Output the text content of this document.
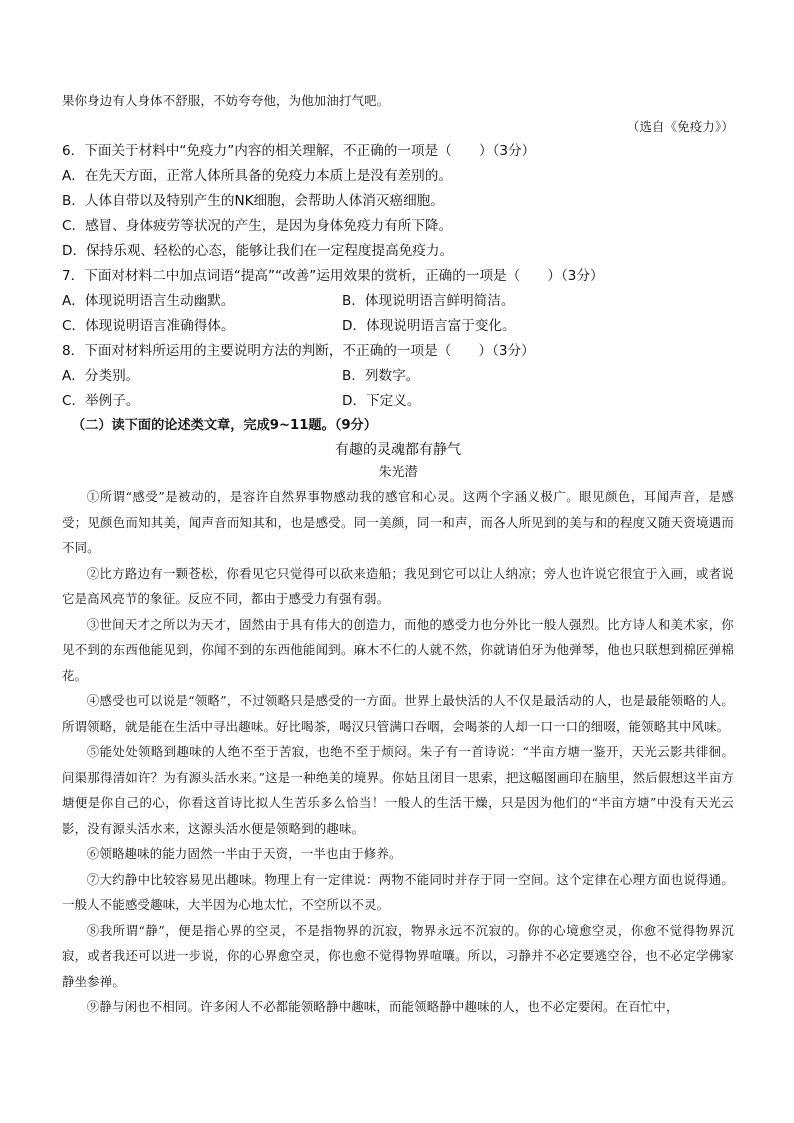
果你身边有人身体不舒服，不妨夸夸他，为他加油打气吧。
（选自《免疫力》）
6．下面关于材料中“免疫力”内容的相关理解，不正确的一项是（　　）（3分）
A．在先天方面，正常人体所具备的免疫力本质上是没有差别的。
B．人体自带以及特别产生的NK细胞，会帮助人体消灭癌细胞。
C．感冒、身体疲劳等状况的产生，是因为身体免疫力有所下降。
D．保持乐观、轻松的心态，能够让我们在一定程度提高免疫力。
7．下面对材料二中加点词语“提高”“改善”运用效果的赏析，正确的一项是（　　）（3分）
A．体现说明语言生动幽默。	B．体现说明语言鲜明简洁。
C．体现说明语言准确得体。	D．体现说明语言富于变化。
8．下面对材料所运用的主要说明方法的判断，不正确的一项是（　　）（3分）
A．分类别。	B．列数字。
C．举例子。	D．下定义。
（二）读下面的论述类文章，完成9~11题。（9分）
有趣的灵魂都有静气
朱光潜

①所谓“感受”是被动的，是容许自然界事物感动我的感官和心灵。这两个字涵义极广。眼见颜色，耳闻声音，是感受；见颜色而知其美，闻声音而知其和，也是感受。同一美颜，同一和声，而各人所见到的美与和的程度又随天资境遇而不同。

②比方路边有一颗苍松，你看见它只觉得可以砍来造船；我见到它可以让人纳凉；旁人也许说它很宜于入画，或者说它是高风亮节的象征。反应不同，都由于感受力有强有弱。

③世间天才之所以为天才，固然由于具有伟大的创造力，而他的感受力也分外比一般人强烈。比方诗人和美术家，你见不到的东西他能见到，你闻不到的东西他能闻到。麻木不仁的人就不然，你就请伯牙为他弹琴，他也只联想到棉匠弹棉花。

④感受也可以说是“领略”，不过领略只是感受的一方面。世界上最快活的人不仅是最活动的人，也是最能领略的人。所谓领略，就是能在生活中寻出趣味。好比喝茶，喝汉只管满口吞咽，会喝茶的人却一口一口的细啜，能领略其中风味。

⑤能处处领略到趣味的人绝不至于苦寂，也绝不至于烦闷。朱子有一首诗说：“半亩方塘一鉴开，天光云影共徘徊。问渠那得清如许？为有源头活水来。”这是一种绝美的境界。你姑且闭目一思索，把这幅图画印在脑里，然后假想这半亩方塘便是你自己的心，你看这首诗比拟人生苦乐多么恰当！一般人的生活干燥，只是因为他们的“半亩方塘”中没有天光云影，没有源头活水来，这源头活水便是领略到的趣味。

⑥领略趣味的能力固然一半由于天资，一半也由于修养。

⑦大约静中比较容易见出趣味。物理上有一定律说：两物不能同时并存于同一空间。这个定律在心理方面也说得通。一般人不能感受趣味，大半因为心地太忙，不空所以不灵。

⑧我所谓“静”，便是指心界的空灵，不是指物界的沉寂，物界永远不沉寂的。你的心境愈空灵，你愈不觉得物界沉寂，或者我还可以进一步说，你的心界愈空灵，你也愈不觉得物界喧嚷。所以，习静并不必定要逃空谷，也不必定学佛家静坐参禅。

⑨静与闲也不相同。许多闲人不必都能领略静中趣味，而能领略静中趣味的人，也不必定要闲。在百忙中，
